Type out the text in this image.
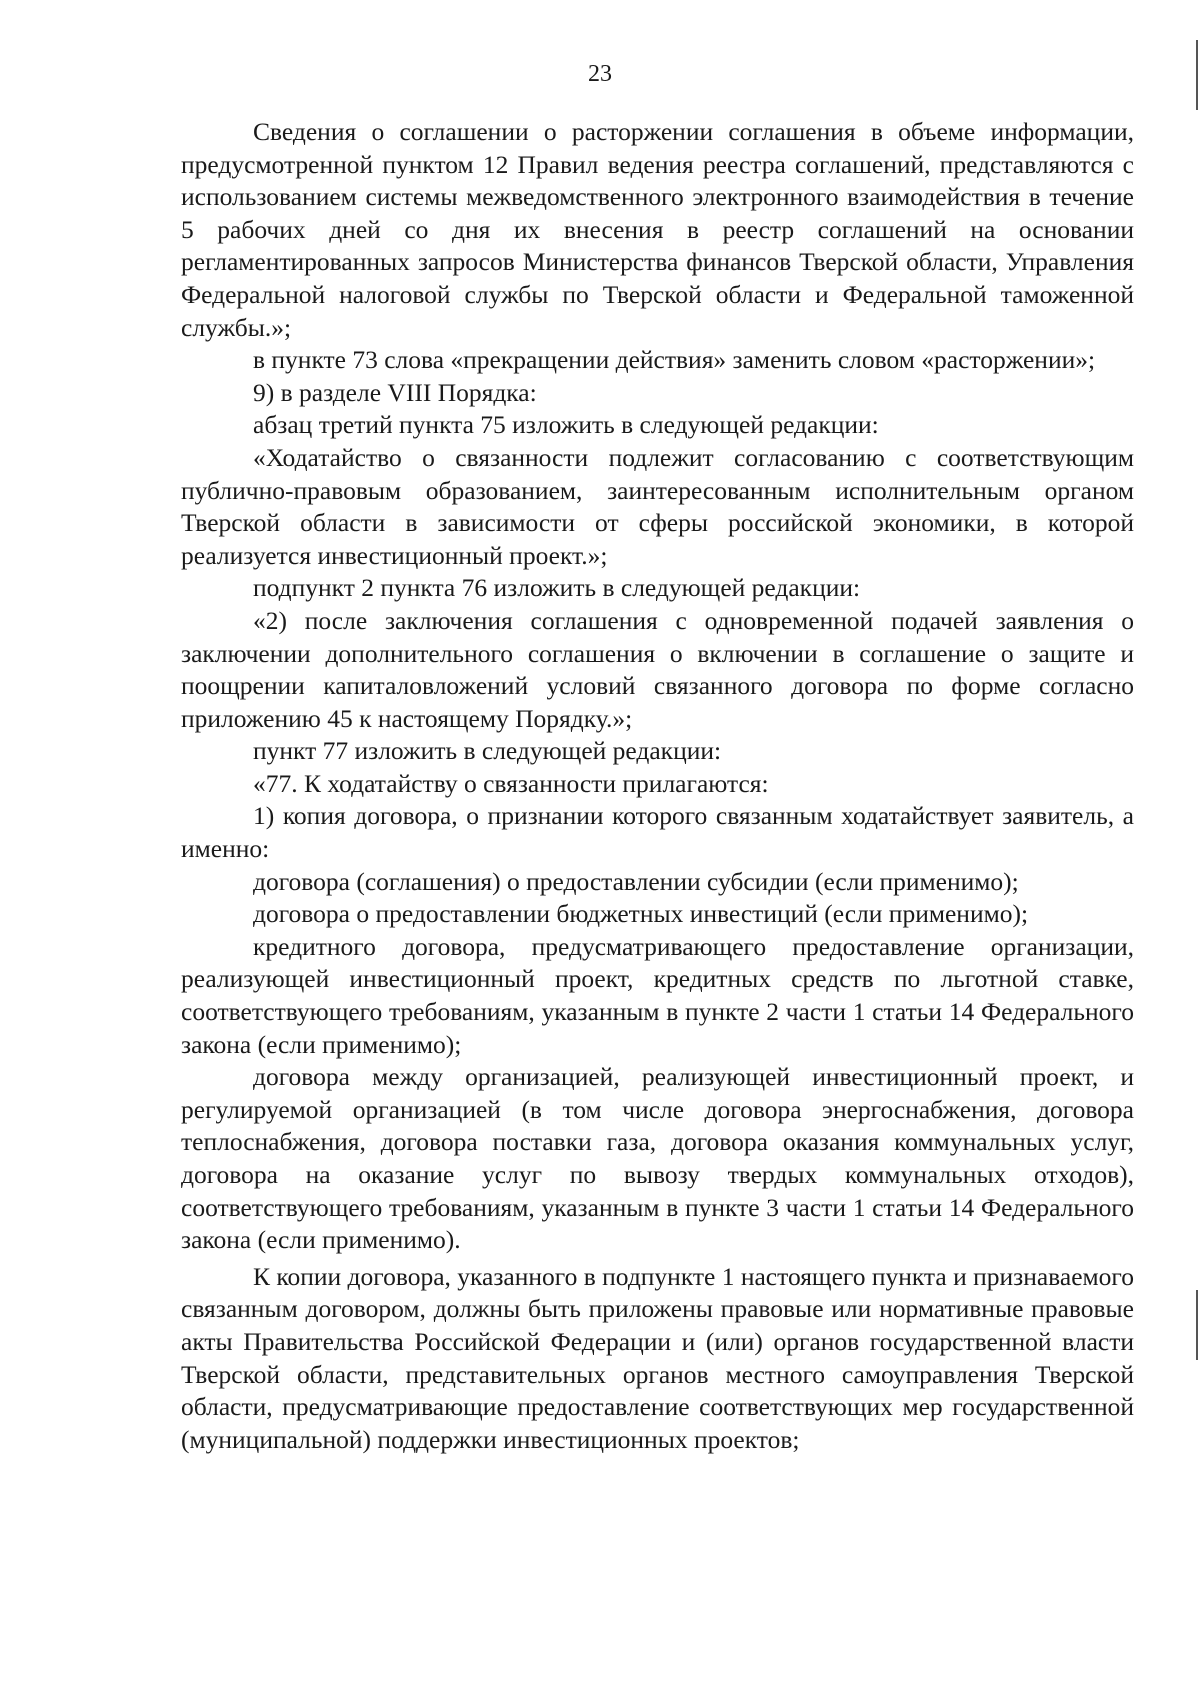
23

Сведения о соглашении о расторжении соглашения в объеме информации, предусмотренной пунктом 12 Правил ведения реестра соглашений, представляются с использованием системы межведомственного электронного взаимодействия в течение 5 рабочих дней со дня их внесения в реестр соглашений на основании регламентированных запросов Министерства финансов Тверской области, Управления Федеральной налоговой службы по Тверской области и Федеральной таможенной службы.»;

в пункте 73 слова «прекращении действия» заменить словом «расторжении»;

9) в разделе VIII Порядка:

абзац третий пункта 75 изложить в следующей редакции:

«Ходатайство о связанности подлежит согласованию с соответствующим публично-правовым образованием, заинтересованным исполнительным органом Тверской области в зависимости от сферы российской экономики, в которой реализуется инвестиционный проект.»;

подпункт 2 пункта 76 изложить в следующей редакции:

«2) после заключения соглашения с одновременной подачей заявления о заключении дополнительного соглашения о включении в соглашение о защите и поощрении капиталовложений условий связанного договора по форме согласно приложению 45 к настоящему Порядку.»;

пункт 77 изложить в следующей редакции:

«77. К ходатайству о связанности прилагаются:

1) копия договора, о признании которого связанным ходатайствует заявитель, а именно:

договора (соглашения) о предоставлении субсидии (если применимо);

договора о предоставлении бюджетных инвестиций (если применимо);

кредитного договора, предусматривающего предоставление организации, реализующей инвестиционный проект, кредитных средств по льготной ставке, соответствующего требованиям, указанным в пункте 2 части 1 статьи 14 Федерального закона (если применимо);

договора между организацией, реализующей инвестиционный проект, и регулируемой организацией (в том числе договора энергоснабжения, договора теплоснабжения, договора поставки газа, договора оказания коммунальных услуг, договора на оказание услуг по вывозу твердых коммунальных отходов), соответствующего требованиям, указанным в пункте 3 части 1 статьи 14 Федерального закона (если применимо).

К копии договора, указанного в подпункте 1 настоящего пункта и признаваемого связанным договором, должны быть приложены правовые или нормативные правовые акты Правительства Российской Федерации и (или) органов государственной власти Тверской области, представительных органов местного самоуправления Тверской области, предусматривающие предоставление соответствующих мер государственной (муниципальной) поддержки инвестиционных проектов;
